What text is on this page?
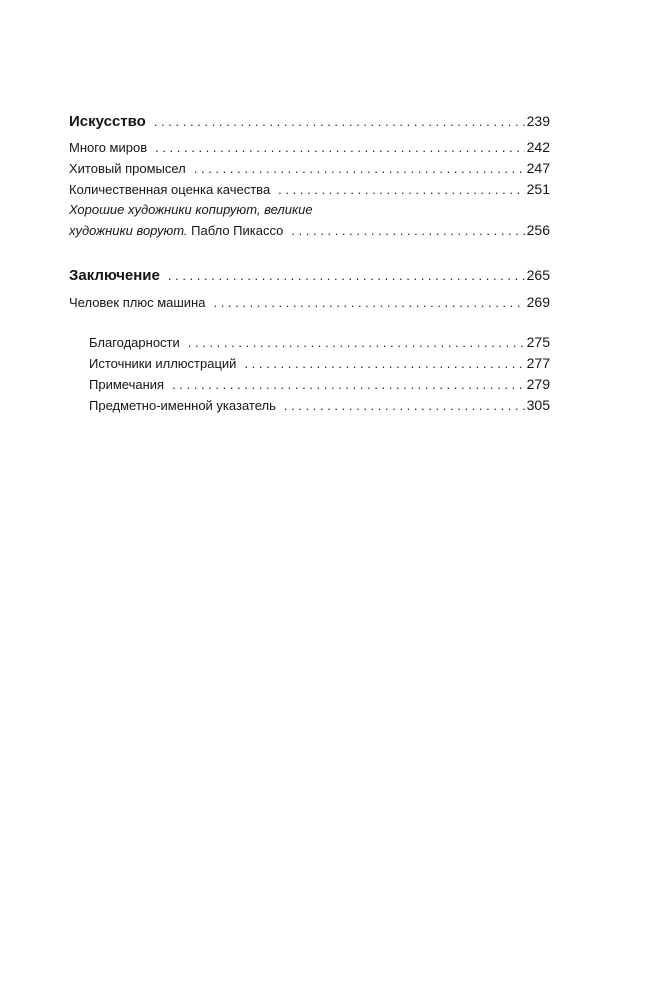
Искусство . . .	239
Много миров . . .	242
Хитовый промысел . . .	247
Количественная оценка качества . . .	251
Хорошие художники копируют, великие
художники воруют. Пабло Пикассо . . .	256
Заключение . . .	265
Человек плюс машина . . .	269
Благодарности . . .	275
Источники иллюстраций . . .	277
Примечания . . .	279
Предметно-именной указатель . . .	305
